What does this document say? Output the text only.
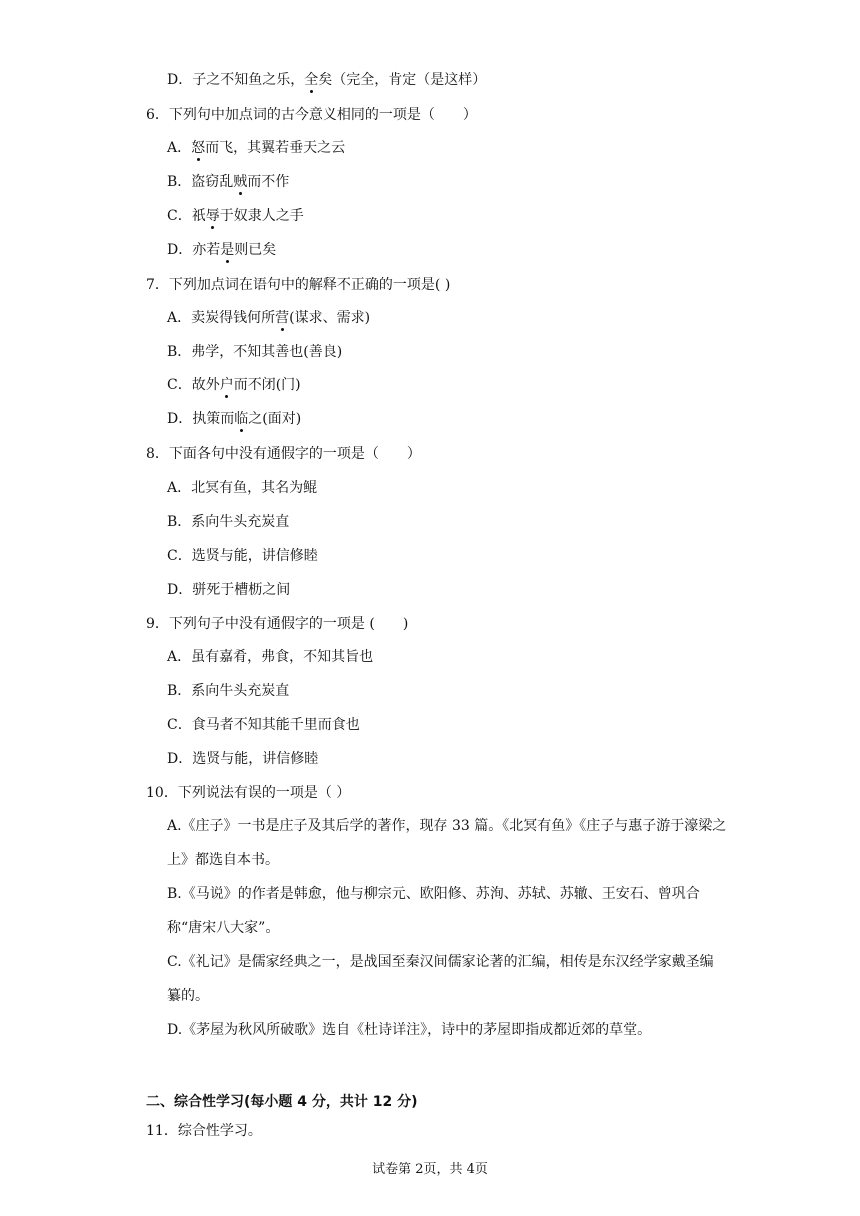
D．子之不知鱼之乐，全矣（完全，肯定（是这样）
6．下列句中加点词的古今意义相同的一项是（　　）
A．怒而飞，其翼若垂天之云
B．盗窃乱贼而不作
C．祇辱于奴隶人之手
D．亦若是则已矣
7．下列加点词在语句中的解释不正确的一项是( )
A．卖炭得钱何所营(谋求、需求)
B．弗学，不知其善也(善良)
C．故外户而不闭(门)
D．执策而临之(面对)
8．下面各句中没有通假字的一项是（　　）
A．北冥有鱼，其名为鲲
B．系向牛头充炭直
C．选贤与能，讲信修睦
D．骈死于槽枥之间
9．下列句子中没有通假字的一项是 (　　)
A．虽有嘉肴，弗食，不知其旨也
B．系向牛头充炭直
C．食马者不知其能千里而食也
D．选贤与能，讲信修睦
10．下列说法有误的一项是（ ）
A.《庄子》一书是庄子及其后学的著作，现存 33 篇。《北冥有鱼》《庄子与惠子游于濠梁之上》都选自本书。
B.《马说》的作者是韩愈，他与柳宗元、欧阳修、苏洵、苏轼、苏辙、王安石、曾巩合称“唐宋八大家”。
C.《礼记》是儒家经典之一，是战国至秦汉间儒家论著的汇编，相传是东汉经学家戴圣编纂的。
D.《茅屋为秋风所破歌》选自《杜诗详注》，诗中的茅屋即指成都近郊的草堂。
二、综合性学习(每小题 4 分，共计 12 分)
11．综合性学习。
试卷第 2页，共 4页
